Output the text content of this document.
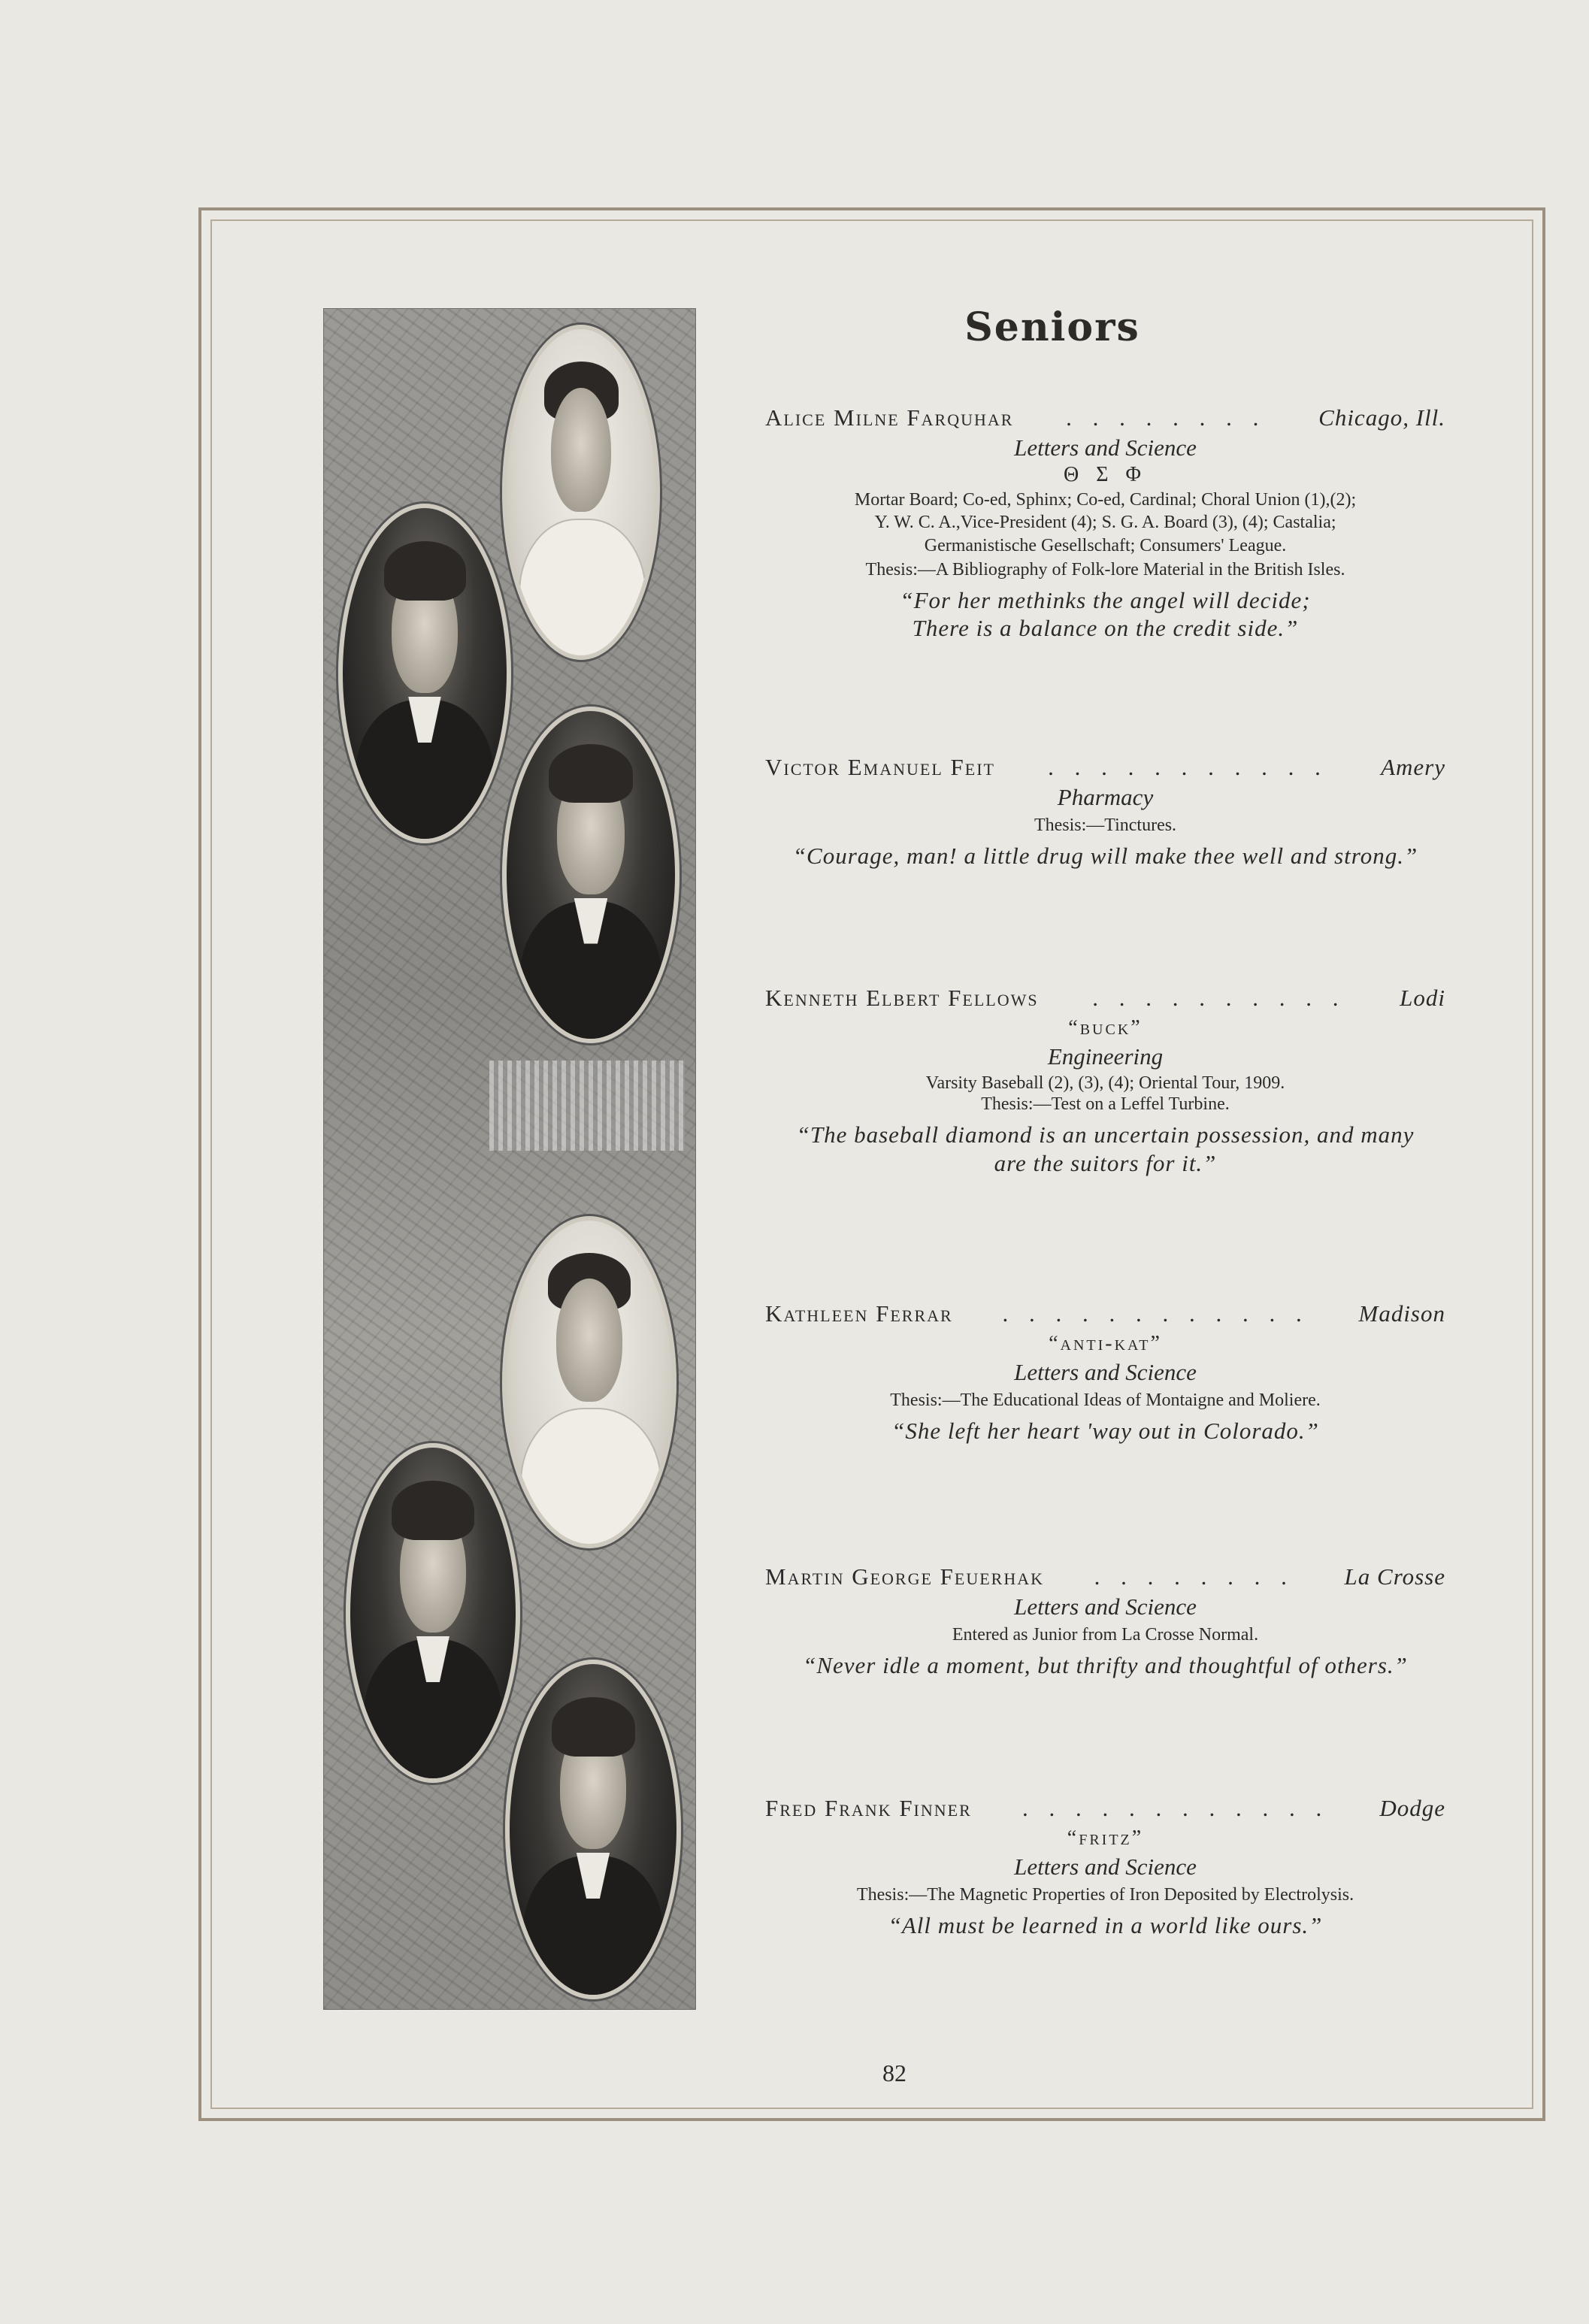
Seniors
Alice Milne Farquhar	. . . . . . . .	Chicago, Ill.
Letters and Science
Θ Σ Φ
Mortar Board; Co-ed, Sphinx; Co-ed, Cardinal; Choral Union (1),(2);
Y. W. C. A.,Vice-President (4); S. G. A. Board (3), (4); Castalia;
Germanistische Gesellschaft; Consumers' League.
Thesis:—A Bibliography of Folk-lore Material in the British Isles.
“For her methinks the angel will decide;
There is a balance on the credit side.”
Victor Emanuel Feit	. . . . . . . . . . .	Amery
Pharmacy
Thesis:—Tinctures.
“Courage, man! a little drug will make thee well and strong.”
Kenneth Elbert Fellows	. . . . . . . . . .	Lodi
“buck”
Engineering
Varsity Baseball (2), (3), (4); Oriental Tour, 1909.
Thesis:—Test on a Leffel Turbine.
“The baseball diamond is an uncertain possession, and many
are the suitors for it.”
Kathleen Ferrar	. . . . . . . . . . . .	Madison
“anti-kat”
Letters and Science
Thesis:—The Educational Ideas of Montaigne and Moliere.
“She left her heart 'way out in Colorado.”
Martin George Feuerhak	. . . . . . . .	La Crosse
Letters and Science
Entered as Junior from La Crosse Normal.
“Never idle a moment, but thrifty and thoughtful of others.”
Fred Frank Finner	. . . . . . . . . . . .	Dodge
“fritz”
Letters and Science
Thesis:—The Magnetic Properties of Iron Deposited by Electrolysis.
“All must be learned in a world like ours.”
82
